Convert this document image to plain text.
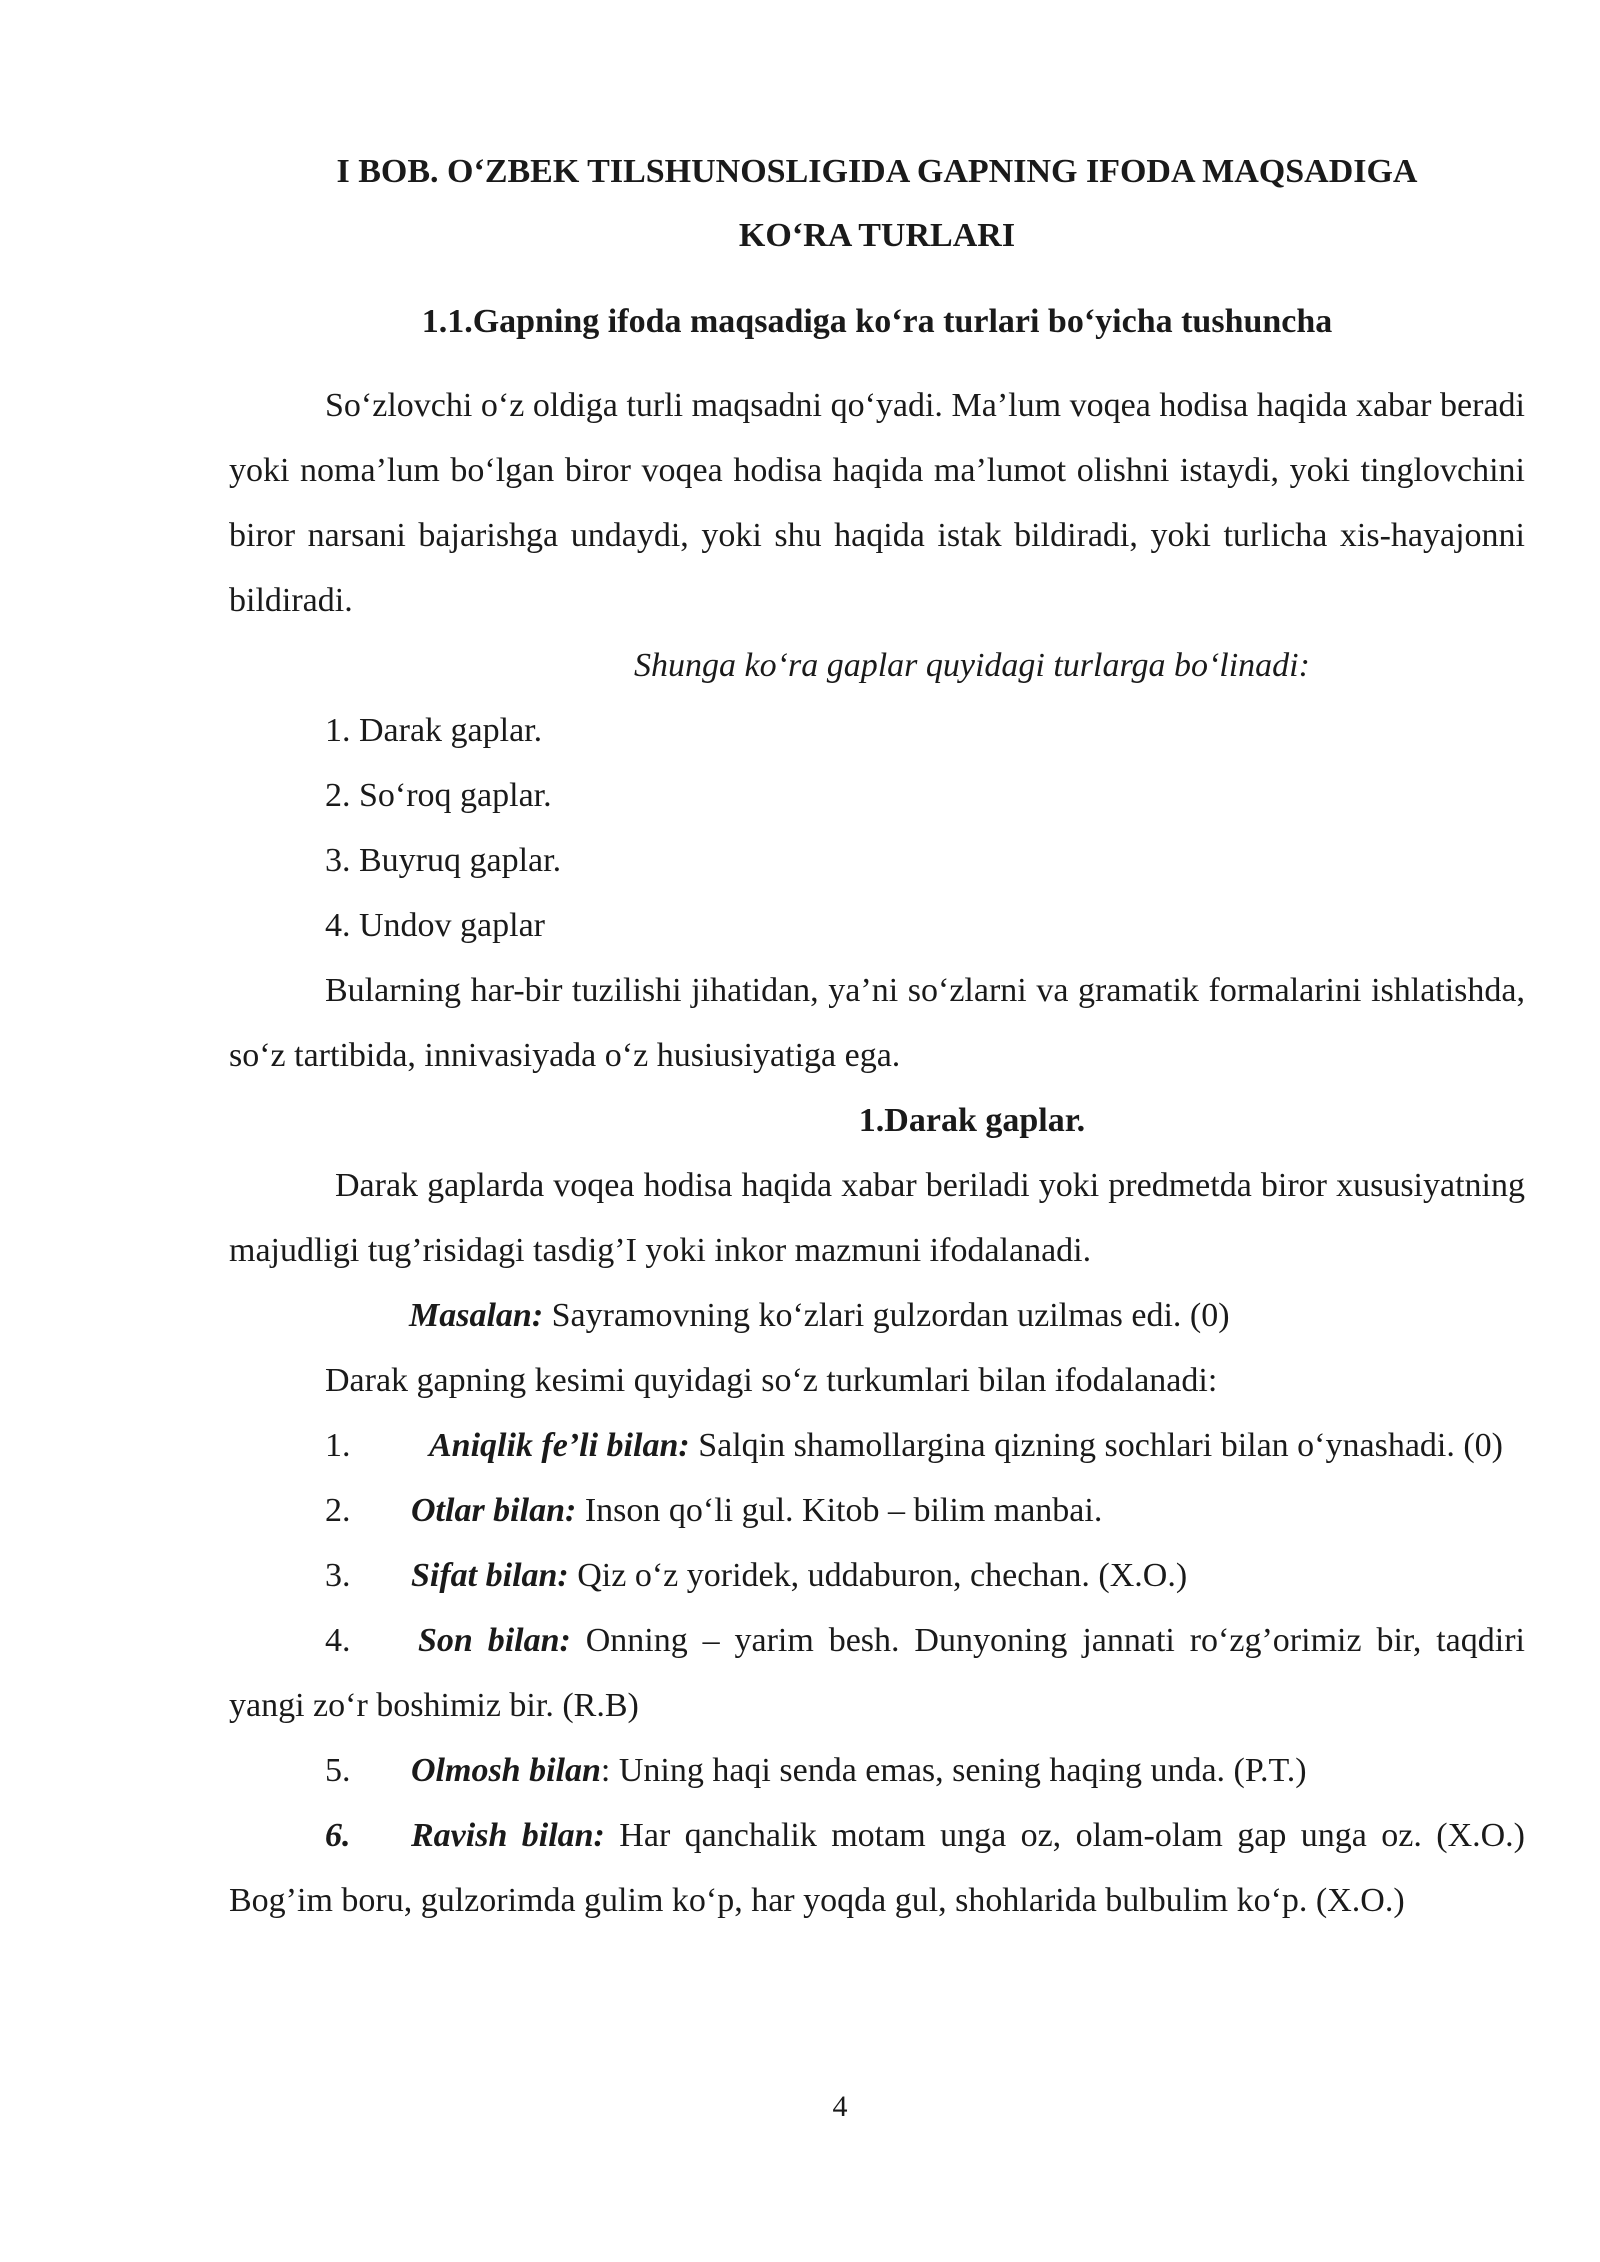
I BOB. O‘ZBEK TILSHUNOSLIGIDA GAPNING IFODA MAQSADIGA

KO‘RA TURLARI

1.1.Gapning ifoda maqsadiga ko‘ra turlari bo‘yicha tushuncha

So‘zlovchi o‘z oldiga turli maqsadni qo‘yadi. Ma’lum voqea hodisa haqida xabar beradi yoki noma’lum bo‘lgan biror voqea hodisa haqida ma’lumot olishni istaydi, yoki tinglovchini biror narsani bajarishga undaydi, yoki shu haqida istak bildiradi, yoki turlicha xis-hayajonni bildiradi.

Shunga ko‘ra gaplar quyidagi turlarga bo‘linadi:

1. Darak gaplar.

2. So‘roq gaplar.

3. Buyruq gaplar.

4. Undov gaplar

Bularning har-bir tuzilishi jihatidan, ya’ni so‘zlarni va gramatik formalarini ishlatishda, so‘z tartibida, innivasiyada o‘z husiusiyatiga ega.

1.Darak gaplar.

Darak gaplarda voqea hodisa haqida xabar beriladi yoki predmetda biror xususiyatning majudligi tug’risidagi tasdig’I yoki inkor mazmuni ifodalanadi.

Masalan: Sayramovning ko‘zlari gulzordan uzilmas edi. (0)

Darak gapning kesimi quyidagi so‘z turkumlari bilan ifodalanadi:

1. Aniqlik fe’li bilan: Salqin shamollargina qizning sochlari bilan o‘ynashadi. (0)

2. Otlar bilan: Inson qo‘li gul. Kitob – bilim manbai.

3. Sifat bilan: Qiz o‘z yoridek, uddaburon, chechan. (X.O.)

4. Son bilan: Onning – yarim besh. Dunyoning jannati ro‘zg’orimiz bir, taqdiri yangi zo‘r boshimiz bir. (R.B)

5. Olmosh bilan: Uning haqi senda emas, sening haqing unda. (P.T.)

6. Ravish bilan: Har qanchalik motam unga oz, olam-olam gap unga oz. (X.O.) Bog’im boru, gulzorimda gulim ko‘p, har yoqda gul, shohlarida bulbulim ko‘p. (X.O.)

4
